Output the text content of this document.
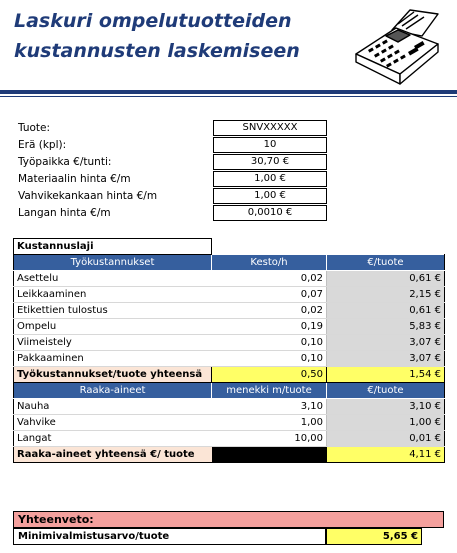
Laskuri ompelutuotteiden
kustannusten laskemiseen
Tuote:	SNVXXXXX
Erä (kpl):	10
Työpaikka €/tunti:	30,70 €
Materiaalin hinta €/m	1,00 €
Vahvikekankaan hinta €/m	1,00 €
Langan hinta €/m	0,0010 €
Kustannuslaji		
Työkustannukset	Kesto/h	€/tuote
Asettelu	0,02	0,61 €
Leikkaaminen	0,07	2,15 €
Etikettien tulostus	0,02	0,61 €
Ompelu	0,19	5,83 €
Viimeistely	0,10	3,07 €
Pakkaaminen	0,10	3,07 €
Työkustannukset/tuote yhteensä	0,50	1,54 €
Raaka-aineet	menekki m/tuote	€/tuote
Nauha	3,10	3,10 €
Vahvike	1,00	1,00 €
Langat	10,00	0,01 €
Raaka-aineet yhteensä €/ tuote		4,11 €
Yhteenveto:
Minimivalmistusarvo/tuote	5,65 €
